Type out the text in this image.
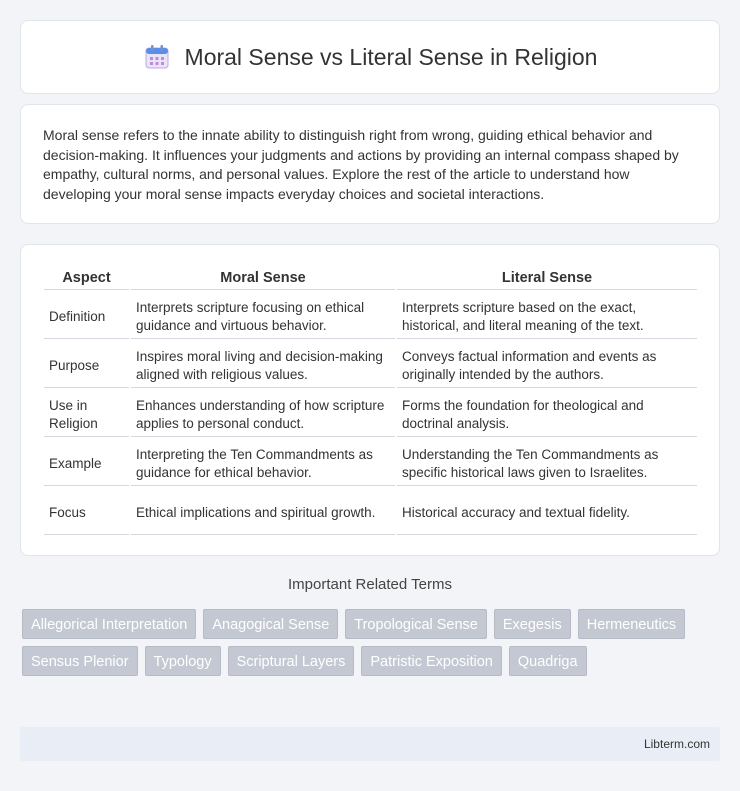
Moral Sense vs Literal Sense in Religion

Moral sense refers to the innate ability to distinguish right from wrong, guiding ethical behavior and decision-making. It influences your judgments and actions by providing an internal compass shaped by empathy, cultural norms, and personal values. Explore the rest of the article to understand how developing your moral sense impacts everyday choices and societal interactions.

Aspect	Moral Sense	Literal Sense
Definition	Interprets scripture focusing on ethical guidance and virtuous behavior.	Interprets scripture based on the exact, historical, and literal meaning of the text.
Purpose	Inspires moral living and decision-making aligned with religious values.	Conveys factual information and events as originally intended by the authors.
Use in Religion	Enhances understanding of how scripture applies to personal conduct.	Forms the foundation for theological and doctrinal analysis.
Example	Interpreting the Ten Commandments as guidance for ethical behavior.	Understanding the Ten Commandments as specific historical laws given to Israelites.
Focus	Ethical implications and spiritual growth.	Historical accuracy and textual fidelity.
Important Related Terms
Allegorical Interpretation	Anagogical Sense	Tropological Sense	Exegesis	Hermeneutics
Sensus Plenior	Typology	Scriptural Layers	Patristic Exposition	Quadriga
Libterm.com
